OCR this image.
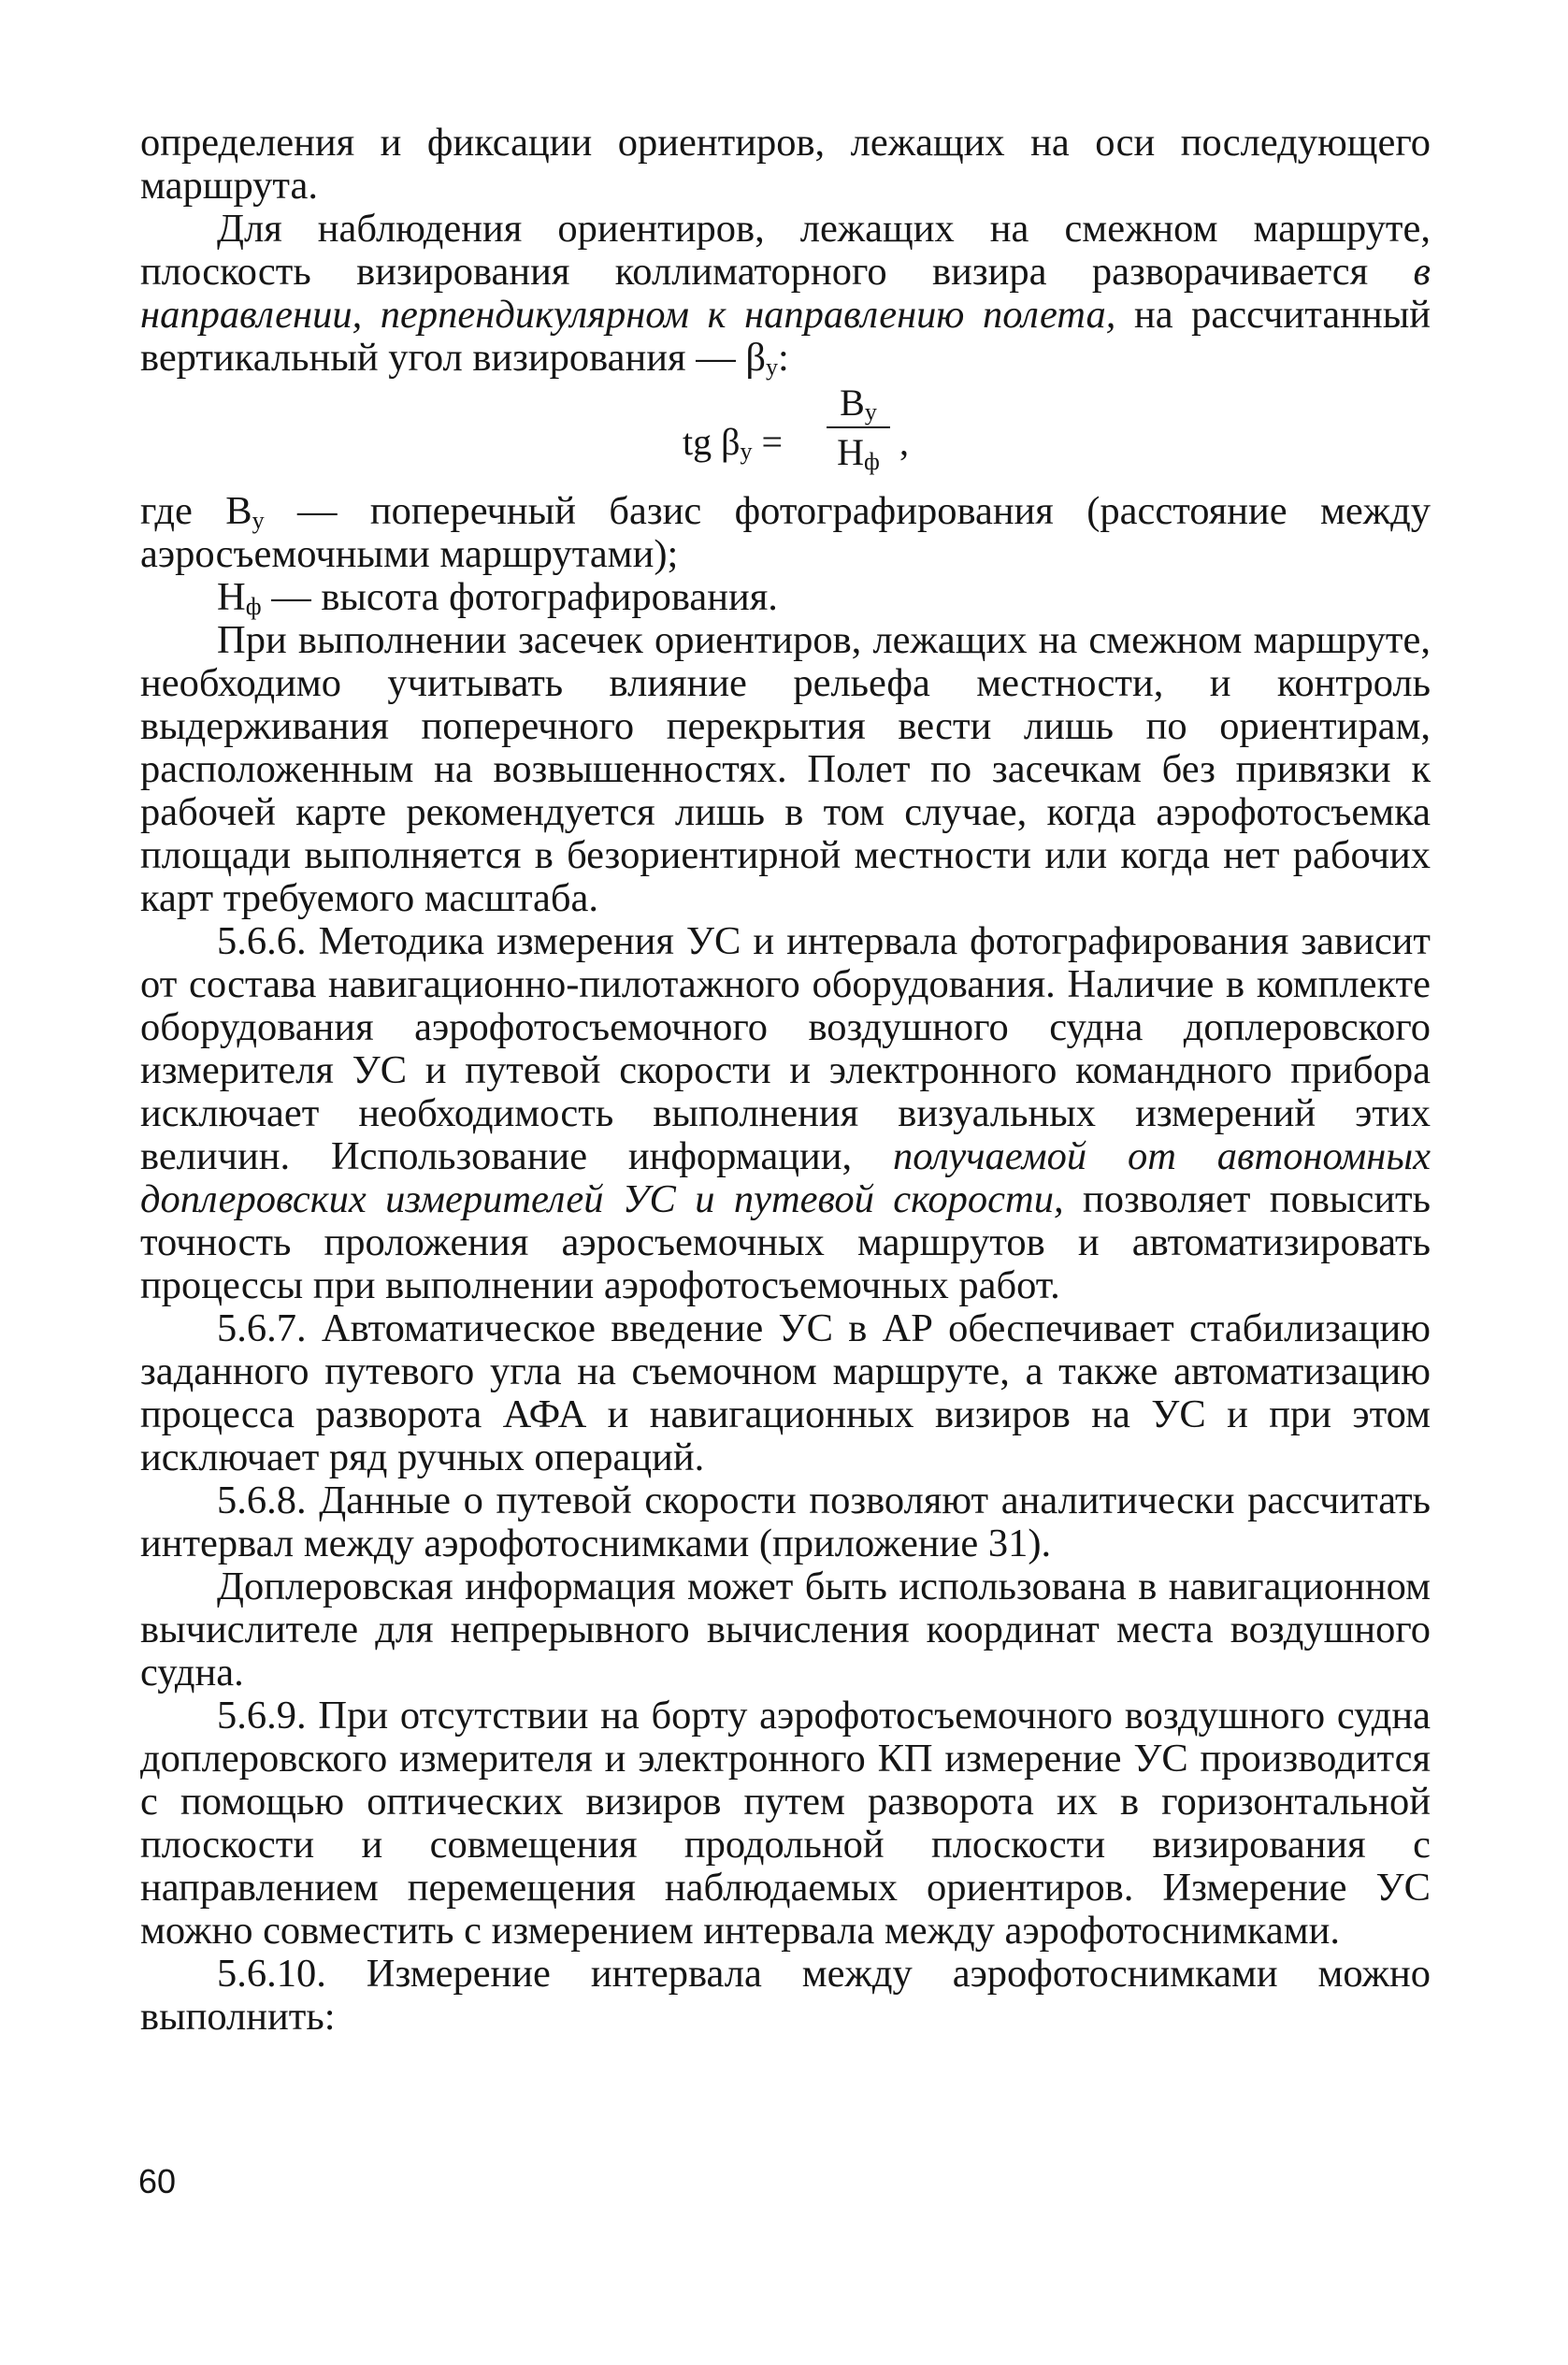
определения и фиксации ориентиров, лежащих на оси последующего маршрута.

Для наблюдения ориентиров, лежащих на смежном маршруте, плоскость визирования коллиматорного визира разворачивается в направлении, перпендикулярном к направлению полета, на рассчитанный вертикальный угол визирования — $\beta_у$:

tg $\beta_у$ =
$В_у$
$Н_ф$ ,

где $В_у$ — поперечный базис фотографирования (расстояние между аэросъемочными маршрутами);

$Н_ф$ — высота фотографирования.

При выполнении засечек ориентиров, лежащих на смежном маршруте, необходимо учитывать влияние рельефа местности, и контроль выдерживания поперечного перекрытия вести лишь по ориентирам, расположенным на возвышенностях. Полет по засечкам без привязки к рабочей карте рекомендуется лишь в том случае, когда аэрофотосъемка площади выполняется в безориентирной местности или когда нет рабочих карт требуемого масштаба.

5.6.6. Методика измерения УС и интервала фотографирования зависит от состава навигационно-пилотажного оборудования. Наличие в комплекте оборудования аэрофотосъемочного воздушного судна доплеровского измерителя УС и путевой скорости и электронного командного прибора исключает необходимость выполнения визуальных измерений этих величин. Использование информации, получаемой от автономных доплеровских измерителей УС и путевой скорости, позволяет повысить точность проложения аэросъемочных маршрутов и автоматизировать процессы при выполнении аэрофотосъемочных работ.

5.6.7. Автоматическое введение УС в АР обеспечивает стабилизацию заданного путевого угла на съемочном маршруте, а также автоматизацию процесса разворота АФА и навигационных визиров на УС и при этом исключает ряд ручных операций.

5.6.8. Данные о путевой скорости позволяют аналитически рассчитать интервал между аэрофотоснимками (приложение 31).

Доплеровская информация может быть использована в навигационном вычислителе для непрерывного вычисления координат места воздушного судна.

5.6.9. При отсутствии на борту аэрофотосъемочного воздушного судна доплеровского измерителя и электронного КП измерение УС производится с помощью оптических визиров путем разворота их в горизонтальной плоскости и совмещения продольной плоскости визирования с направлением перемещения наблюдаемых ориентиров. Измерение УС можно совместить с измерением интервала между аэрофотоснимками.

5.6.10. Измерение интервала между аэрофотоснимками можно выполнить:

60
